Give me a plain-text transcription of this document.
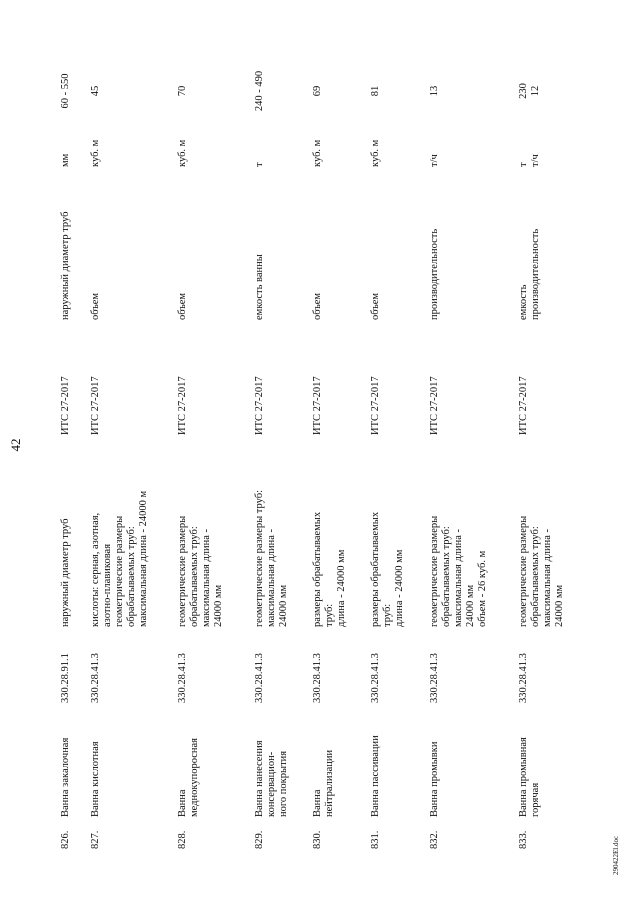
42
826.
Ванна закалочная
330.28.91.1
наружный диаметр труб
ИТС 27-2017
наружный диаметр труб
мм
60 - 550
827.
Ванна кислотная
330.28.41.3
кислоты: серная, азотная,
азотно-плавиковая
геометрические размеры
обрабатываемых труб:
максимальная длина - 24000 м
ИТС 27-2017
объем
куб. м
45
828.
Ванна
меднокупоросная
330.28.41.3
геометрические размеры
обрабатываемых труб:
максимальная длина -
24000 мм
ИТС 27-2017
объем
куб. м
70
829.
Ванна нанесения
консервацион-
ного покрытия
330.28.41.3
геометрические размеры труб:
максимальная длина -
24000 мм
ИТС 27-2017
емкость ванны
т
240 - 490
830.
Ванна
нейтрализации
330.28.41.3
размеры обрабатываемых
труб:
длина - 24000 мм
ИТС 27-2017
объем
куб. м
69
831.
Ванна пассивации
330.28.41.3
размеры обрабатываемых
труб:
длина - 24000 мм
ИТС 27-2017
объем
куб. м
81
832.
Ванна промывки
330.28.41.3
геометрические размеры
обрабатываемых труб:
максимальная длина -
24000 мм
объем - 26 куб. м
ИТС 27-2017
производительность
т/ч
13
833.
Ванна промывная
горячая
330.28.41.3
геометрические размеры
обрабатываемых труб:
максимальная длина -
24000 мм
ИТС 27-2017
емкость
производительность
т
т/ч
230
12
290422El.doc
